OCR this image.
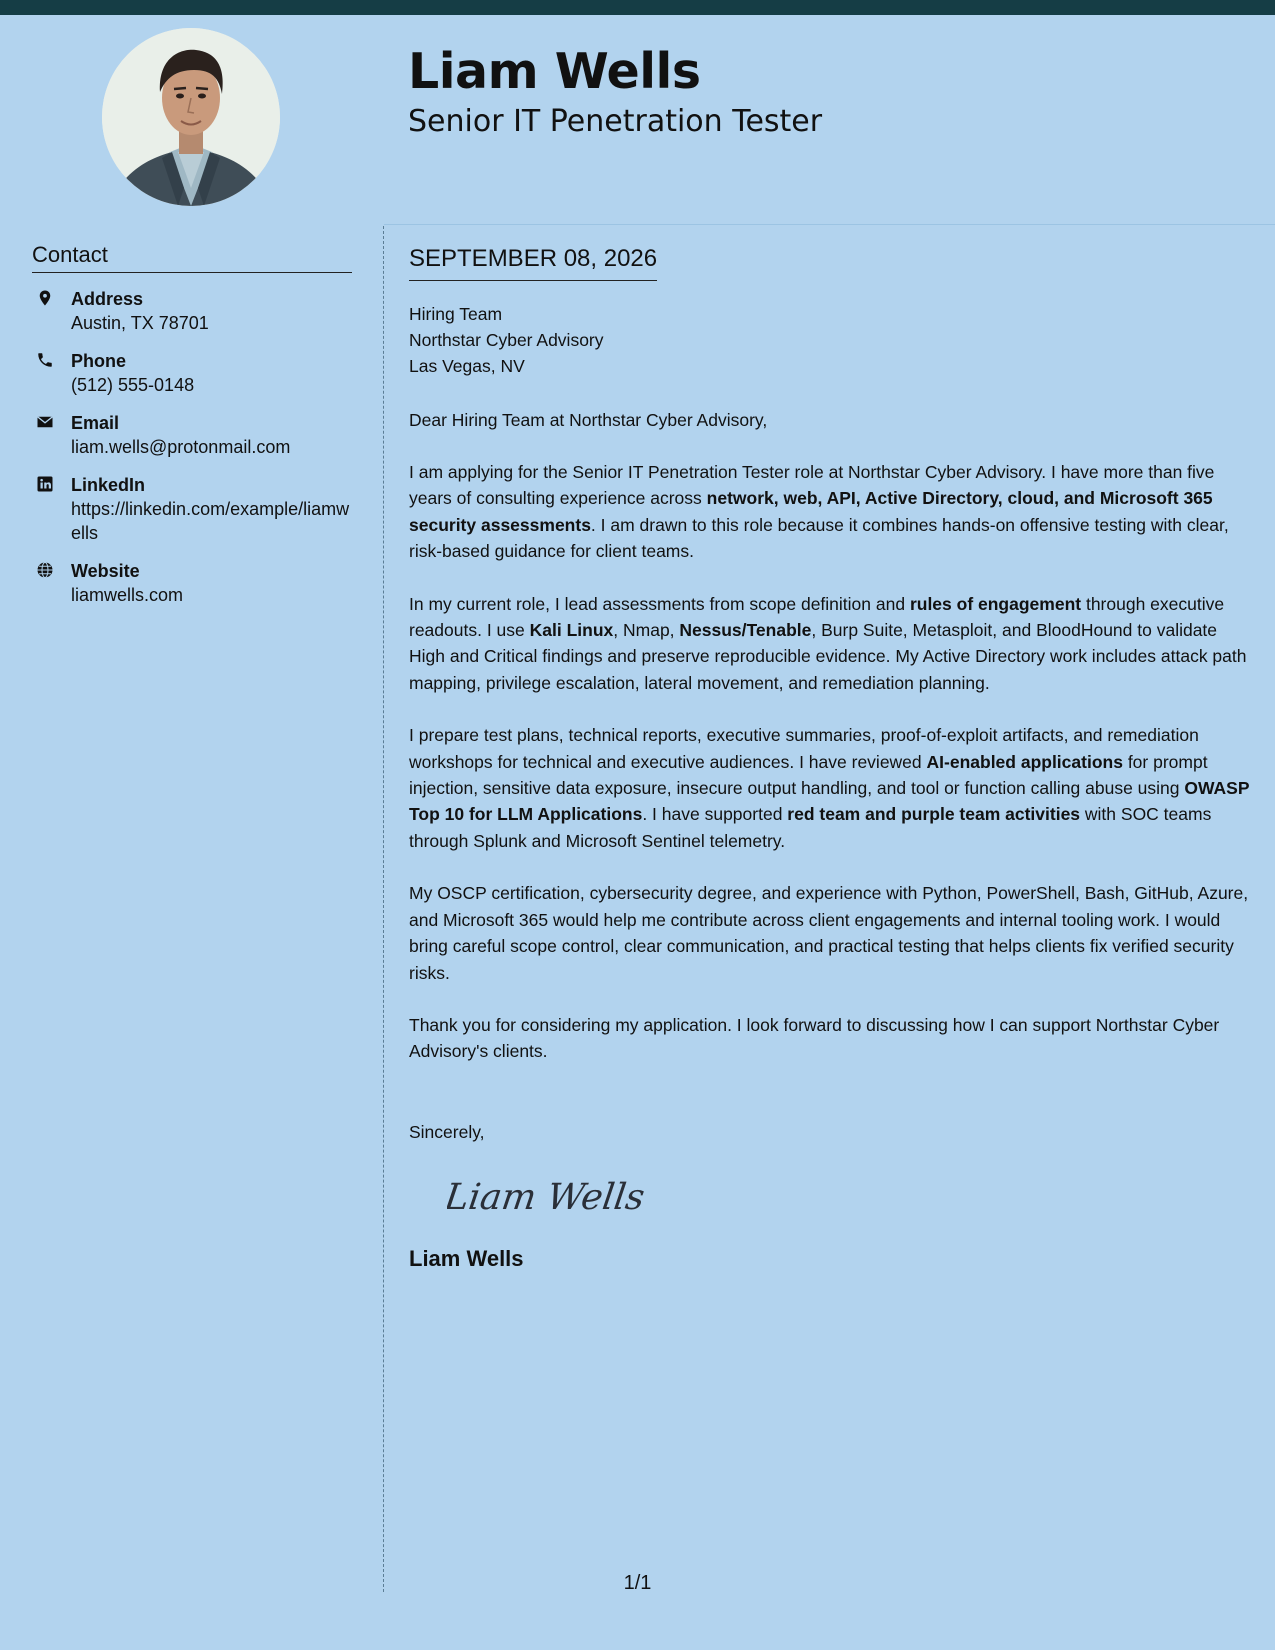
Liam Wells
Senior IT Penetration Tester
Contact
Address
Austin, TX 78701
Phone
(512) 555-0148
Email
liam.wells@protonmail.com
LinkedIn
https://linkedin.com/example/liamwells
Website
liamwells.com
SEPTEMBER 08, 2026
Hiring Team
Northstar Cyber Advisory
Las Vegas, NV
Dear Hiring Team at Northstar Cyber Advisory,

I am applying for the Senior IT Penetration Tester role at Northstar Cyber Advisory. I have more than five years of consulting experience across network, web, API, Active Directory, cloud, and Microsoft 365 security assessments. I am drawn to this role because it combines hands-on offensive testing with clear, risk-based guidance for client teams.

In my current role, I lead assessments from scope definition and rules of engagement through executive readouts. I use Kali Linux, Nmap, Nessus/Tenable, Burp Suite, Metasploit, and BloodHound to validate High and Critical findings and preserve reproducible evidence. My Active Directory work includes attack path mapping, privilege escalation, lateral movement, and remediation planning.

I prepare test plans, technical reports, executive summaries, proof-of-exploit artifacts, and remediation workshops for technical and executive audiences. I have reviewed AI-enabled applications for prompt injection, sensitive data exposure, insecure output handling, and tool or function calling abuse using OWASP Top 10 for LLM Applications. I have supported red team and purple team activities with SOC teams through Splunk and Microsoft Sentinel telemetry.

My OSCP certification, cybersecurity degree, and experience with Python, PowerShell, Bash, GitHub, Azure, and Microsoft 365 would help me contribute across client engagements and internal tooling work. I would bring careful scope control, clear communication, and practical testing that helps clients fix verified security risks.

Thank you for considering my application. I look forward to discussing how I can support Northstar Cyber Advisory's clients.

Sincerely,
Liam Wells
Liam Wells
1/1
